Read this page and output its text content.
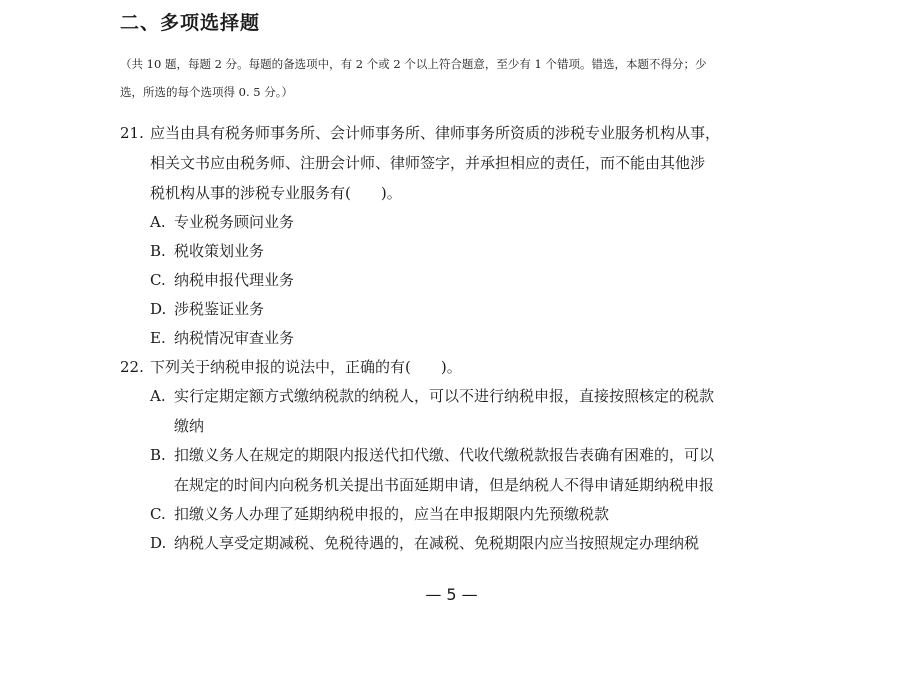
二、多项选择题
（共 10 题，每题 2 分。每题的备选项中，有 2 个或 2 个以上符合题意，至少有 1 个错项。错选，本题不得分；少
选，所选的每个选项得 0. 5 分。）
21. 应当由具有税务师事务所、会计师事务所、律师事务所资质的涉税专业服务机构从事，
相关文书应由税务师、注册会计师、律师签字，并承担相应的责任，而不能由其他涉
税机构从事的涉税专业服务有(　　)。
A. 专业税务顾问业务
B. 税收策划业务
C. 纳税申报代理业务
D. 涉税鉴证业务
E. 纳税情况审查业务
22. 下列关于纳税申报的说法中，正确的有(　　)。
A. 实行定期定额方式缴纳税款的纳税人，可以不进行纳税申报，直接按照核定的税款
缴纳
B. 扣缴义务人在规定的期限内报送代扣代缴、代收代缴税款报告表确有困难的，可以
在规定的时间内向税务机关提出书面延期申请，但是纳税人不得申请延期纳税申报
C. 扣缴义务人办理了延期纳税申报的，应当在申报期限内先预缴税款
D. 纳税人享受定期减税、免税待遇的，在减税、免税期限内应当按照规定办理纳税
— 5 —
